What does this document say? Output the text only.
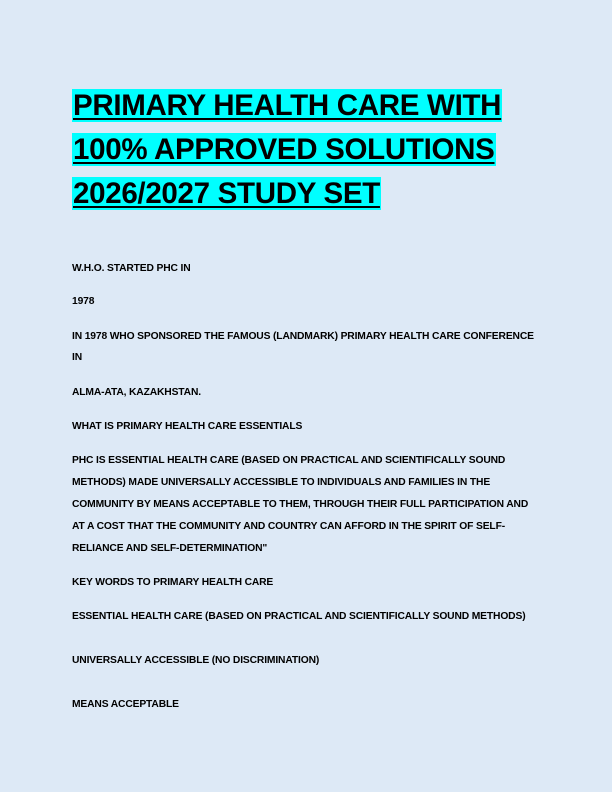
PRIMARY HEALTH CARE WITH
100% APPROVED SOLUTIONS
2026/2027 STUDY SET

W.H.O. STARTED PHC IN

1978

IN 1978 WHO SPONSORED THE FAMOUS (LANDMARK) PRIMARY HEALTH CARE CONFERENCE

IN

ALMA-ATA, KAZAKHSTAN.

WHAT IS PRIMARY HEALTH CARE ESSENTIALS

PHC IS ESSENTIAL HEALTH CARE (BASED ON PRACTICAL AND SCIENTIFICALLY SOUND

METHODS) MADE UNIVERSALLY ACCESSIBLE TO INDIVIDUALS AND FAMILIES IN THE

COMMUNITY BY MEANS ACCEPTABLE TO THEM, THROUGH THEIR FULL PARTICIPATION AND

AT A COST THAT THE COMMUNITY AND COUNTRY CAN AFFORD IN THE SPIRIT OF SELF-

RELIANCE AND SELF-DETERMINATION"

KEY WORDS TO PRIMARY HEALTH CARE

ESSENTIAL HEALTH CARE (BASED ON PRACTICAL AND SCIENTIFICALLY SOUND METHODS)

UNIVERSALLY ACCESSIBLE (NO DISCRIMINATION)

MEANS ACCEPTABLE
